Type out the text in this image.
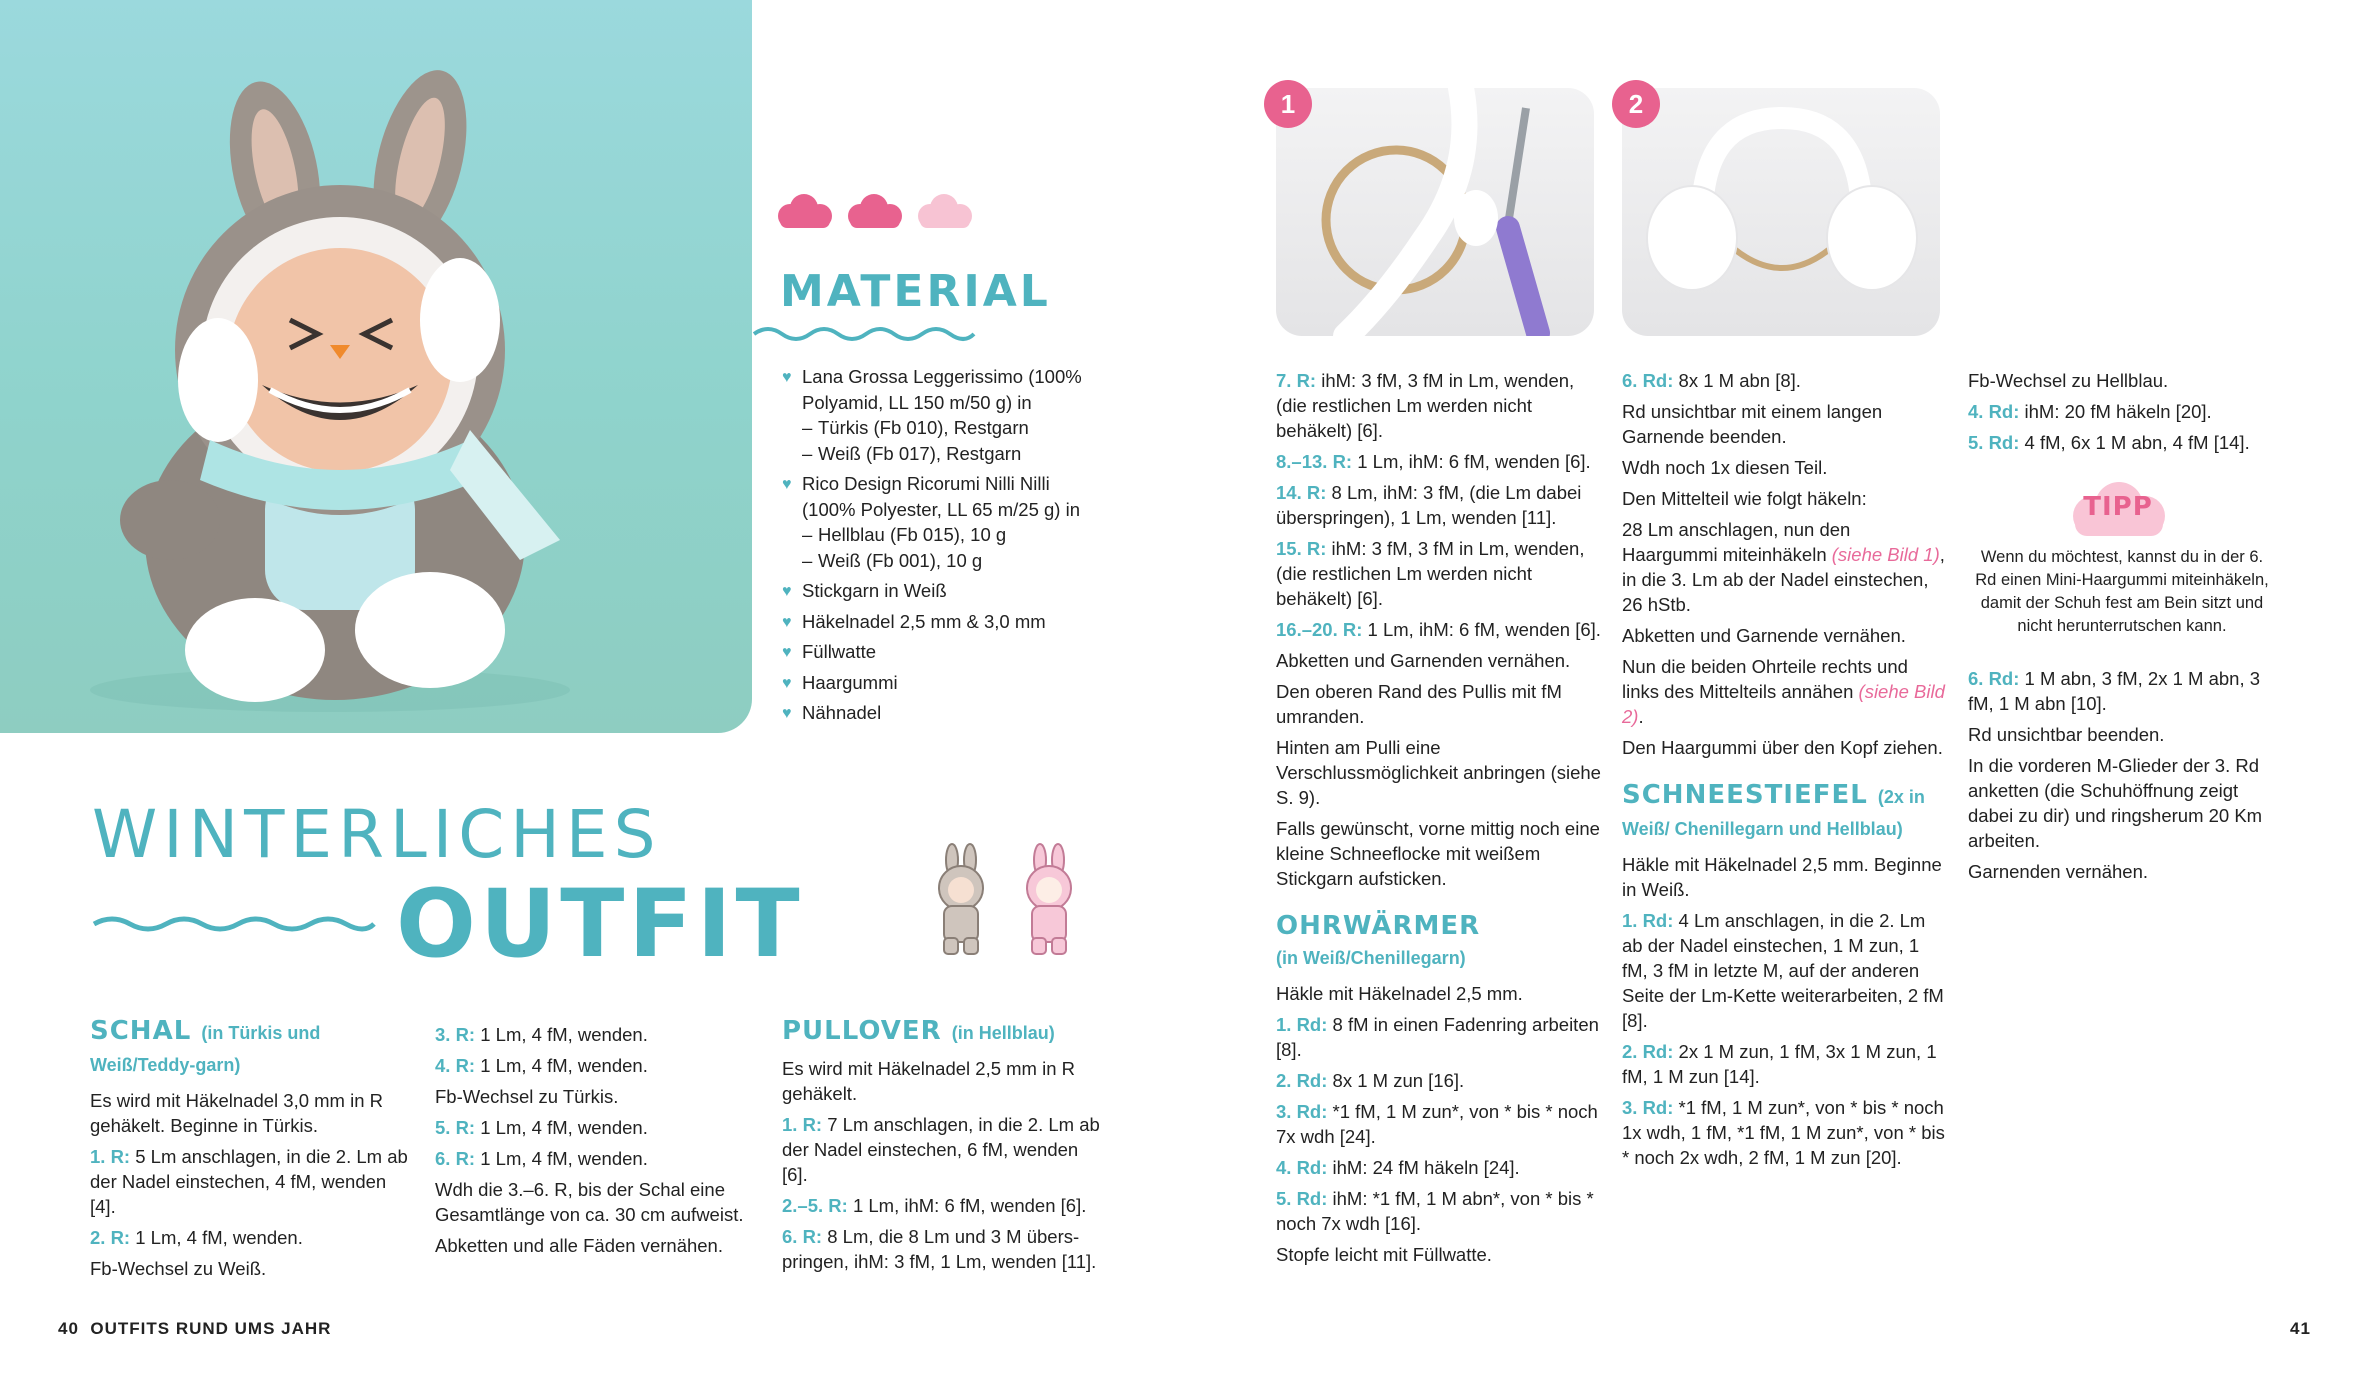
MATERIAL
♥ Lana Grossa Leggerissimo (100% Polyamid, LL 150 m/50 g) in
– Türkis (Fb 010), Restgarn
– Weiß (Fb 017), Restgarn
♥ Rico Design Ricorumi Nilli Nilli (100% Polyester, LL 65 m/25 g) in
– Hellblau (Fb 015), 10 g
– Weiß (Fb 001), 10 g
♥ Stickgarn in Weiß
♥ Häkelnadel 2,5 mm & 3,0 mm
♥ Füllwatte
♥ Haargummi
♥ Nähnadel
WINTERLICHES
OUTFIT
SCHAL (in Türkis und Weiß/Teddy-garn)

Es wird mit Häkelnadel 3,0 mm in R gehäkelt. Beginne in Türkis.

1. R: 5 Lm anschlagen, in die 2. Lm ab der Nadel einstechen, 4 fM, wenden [4].

2. R: 1 Lm, 4 fM, wenden.

Fb-Wechsel zu Weiß.

3. R: 1 Lm, 4 fM, wenden.

4. R: 1 Lm, 4 fM, wenden.

Fb-Wechsel zu Türkis.

5. R: 1 Lm, 4 fM, wenden.

6. R: 1 Lm, 4 fM, wenden.

Wdh die 3.–6. R, bis der Schal eine Gesamtlänge von ca. 30 cm aufweist.

Abketten und alle Fäden vernähen.

PULLOVER (in Hellblau)

Es wird mit Häkelnadel 2,5 mm in R gehäkelt.

1. R: 7 Lm anschlagen, in die 2. Lm ab der Nadel einstechen, 6 fM, wenden [6].

2.–5. R: 1 Lm, ihM: 6 fM, wenden [6].

6. R: 8 Lm, die 8 Lm und 3 M überspringen, ihM: 3 fM, 1 Lm, wenden [11].

1	2

7. R: ihM: 3 fM, 3 fM in Lm, wenden, (die restlichen Lm werden nicht behäkelt) [6].

8.–13. R: 1 Lm, ihM: 6 fM, wenden [6].

14. R: 8 Lm, ihM: 3 fM, (die Lm dabei überspringen), 1 Lm, wenden [11].

15. R: ihM: 3 fM, 3 fM in Lm, wenden, (die restlichen Lm werden nicht behäkelt) [6].

16.–20. R: 1 Lm, ihM: 6 fM, wenden [6].

Abketten und Garnenden vernähen.

Den oberen Rand des Pullis mit fM umranden.

Hinten am Pulli eine Verschlussmöglichkeit anbringen (siehe S. 9).

Falls gewünscht, vorne mittig noch eine kleine Schneeflocke mit weißem Stickgarn aufsticken.

OHRWÄRMER
(in Weiß/Chenillegarn)

Häkle mit Häkelnadel 2,5 mm.

1. Rd: 8 fM in einen Fadenring arbeiten [8].

2. Rd: 8x 1 M zun [16].

3. Rd: *1 fM, 1 M zun*, von * bis * noch 7x wdh [24].

4. Rd: ihM: 24 fM häkeln [24].

5. Rd: ihM: *1 fM, 1 M abn*, von * bis * noch 7x wdh [16].

Stopfe leicht mit Füllwatte.

6. Rd: 8x 1 M abn [8].

Rd unsichtbar mit einem langen Garnende beenden.

Wdh noch 1x diesen Teil.

Den Mittelteil wie folgt häkeln:

28 Lm anschlagen, nun den Haargummi miteinhäkeln (siehe Bild 1), in die 3. Lm ab der Nadel einstechen, 26 hStb.

Abketten und Garnende vernähen.

Nun die beiden Ohrteile rechts und links des Mittelteils annähen (siehe Bild 2).

Den Haargummi über den Kopf ziehen.

SCHNEESTIEFEL (2x in Weiß/ Chenillegarn und Hellblau)

Häkle mit Häkelnadel 2,5 mm. Beginne in Weiß.

1. Rd: 4 Lm anschlagen, in die 2. Lm ab der Nadel einstechen, 1 M zun, 1 fM, 3 fM in letzte M, auf der anderen Seite der Lm-Kette weiterarbeiten, 2 fM [8].

2. Rd: 2x 1 M zun, 1 fM, 3x 1 M zun, 1 fM, 1 M zun [14].

3. Rd: *1 fM, 1 M zun*, von * bis * noch 1x wdh, 1 fM, *1 fM, 1 M zun*, von * bis * noch 2x wdh, 2 fM, 1 M zun [20].

Fb-Wechsel zu Hellblau.

4. Rd: ihM: 20 fM häkeln [20].

5. Rd: 4 fM, 6x 1 M abn, 4 fM [14].

TIPP
Wenn du möchtest, kannst du in der 6. Rd einen Mini-Haargummi miteinhäkeln, damit der Schuh fest am Bein sitzt und nicht herunterrutschen kann.

6. Rd: 1 M abn, 3 fM, 2x 1 M abn, 3 fM, 1 M abn [10].

Rd unsichtbar beenden.

In die vorderen M-Glieder der 3. Rd anketten (die Schuhöffnung zeigt dabei zu dir) und ringsherum 20 Km arbeiten.

Garnenden vernähen.

40 OUTFITS RUND UMS JAHR	41
